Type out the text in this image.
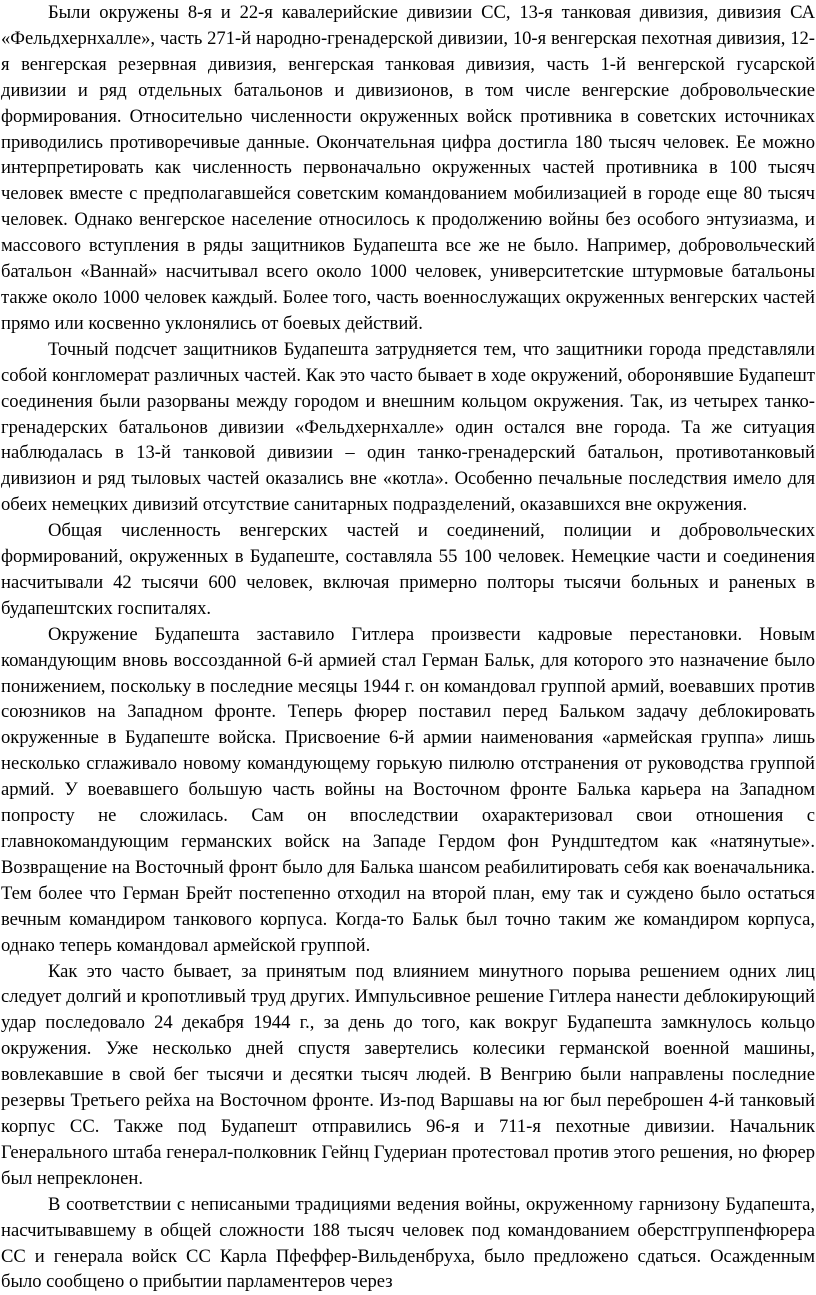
Были окружены 8-я и 22-я кавалерийские дивизии СС, 13-я танковая дивизия, дивизия СА «Фельдхернхалле», часть 271-й народно-гренадерской дивизии, 10-я венгерская пехотная дивизия, 12-я венгерская резервная дивизия, венгерская танковая дивизия, часть 1-й венгерской гусарской дивизии и ряд отдельных батальонов и дивизионов, в том числе венгерские добровольческие формирования. Относительно численности окруженных войск противника в советских источниках приводились противоречивые данные. Окончательная цифра достигла 180 тысяч человек. Ее можно интерпретировать как численность первоначально окруженных частей противника в 100 тысяч человек вместе с предполагавшейся советским командованием мобилизацией в городе еще 80 тысяч человек. Однако венгерское население относилось к продолжению войны без особого энтузиазма, и массового вступления в ряды защитников Будапешта все же не было. Например, добровольческий батальон «Ваннай» насчитывал всего около 1000 человек, университетские штурмовые батальоны также около 1000 человек каждый. Более того, часть военнослужащих окруженных венгерских частей прямо или косвенно уклонялись от боевых действий.

Точный подсчет защитников Будапешта затрудняется тем, что защитники города представляли собой конгломерат различных частей. Как это часто бывает в ходе окружений, оборонявшие Будапешт соединения были разорваны между городом и внешним кольцом окружения. Так, из четырех танко-гренадерских батальонов дивизии «Фельдхернхалле» один остался вне города. Та же ситуация наблюдалась в 13-й танковой дивизии – один танко-гренадерский батальон, противотанковый дивизион и ряд тыловых частей оказались вне «котла». Особенно печальные последствия имело для обеих немецких дивизий отсутствие санитарных подразделений, оказавшихся вне окружения.

Общая численность венгерских частей и соединений, полиции и добровольческих формирований, окруженных в Будапеште, составляла 55 100 человек. Немецкие части и соединения насчитывали 42 тысячи 600 человек, включая примерно полторы тысячи больных и раненых в будапештских госпиталях.

Окружение Будапешта заставило Гитлера произвести кадровые перестановки. Новым командующим вновь воссозданной 6-й армией стал Герман Бальк, для которого это назначение было понижением, поскольку в последние месяцы 1944 г. он командовал группой армий, воевавших против союзников на Западном фронте. Теперь фюрер поставил перед Бальком задачу деблокировать окруженные в Будапеште войска. Присвоение 6-й армии наименования «армейская группа» лишь несколько сглаживало новому командующему горькую пилюлю отстранения от руководства группой армий. У воевавшего большую часть войны на Восточном фронте Балька карьера на Западном попросту не сложилась. Сам он впоследствии охарактеризовал свои отношения с главнокомандующим германских войск на Западе Гердом фон Рундштедтом как «натянутые». Возвращение на Восточный фронт было для Балька шансом реабилитировать себя как военачальника. Тем более что Герман Брейт постепенно отходил на второй план, ему так и суждено было остаться вечным командиром танкового корпуса. Когда-то Бальк был точно таким же командиром корпуса, однако теперь командовал армейской группой.

Как это часто бывает, за принятым под влиянием минутного порыва решением одних лиц следует долгий и кропотливый труд других. Импульсивное решение Гитлера нанести деблокирующий удар последовало 24 декабря 1944 г., за день до того, как вокруг Будапешта замкнулось кольцо окружения. Уже несколько дней спустя завертелись колесики германской военной машины, вовлекавшие в свой бег тысячи и десятки тысяч людей. В Венгрию были направлены последние резервы Третьего рейха на Восточном фронте. Из-под Варшавы на юг был переброшен 4-й танковый корпус СС. Также под Будапешт отправились 96-я и 711-я пехотные дивизии. Начальник Генерального штаба генерал-полковник Гейнц Гудериан протестовал против этого решения, но фюрер был непреклонен.

В соответствии с неписаными традициями ведения войны, окруженному гарнизону Будапешта, насчитывавшему в общей сложности 188 тысяч человек под командованием оберстгруппенфюрера СС и генерала войск СС Карла Пфеффер-Вильденбруха, было предложено сдаться. Осажденным было сообщено о прибытии парламентеров через
